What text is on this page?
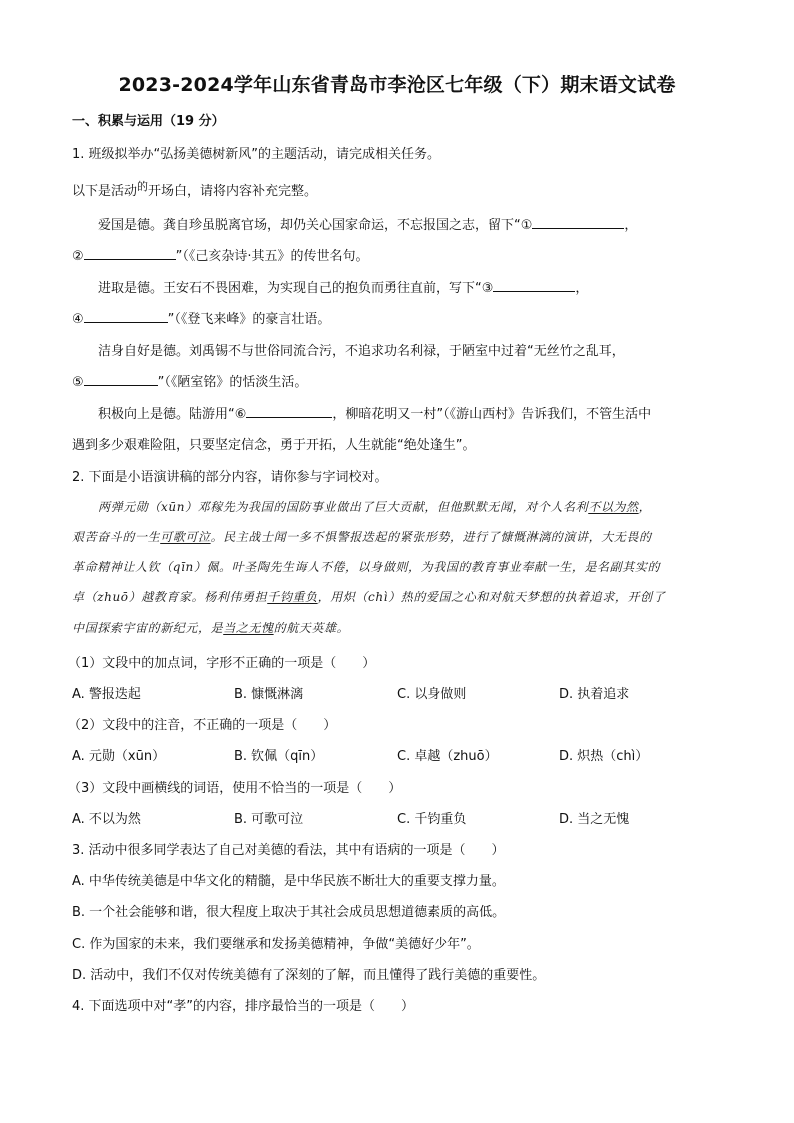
2023-2024学年山东省青岛市李沧区七年级（下）期末语文试卷
一、积累与运用（19 分）
1. 班级拟举办“弘扬美德树新风”的主题活动，请完成相关任务。
以下是活动$^的$开场白，请将内容补充完整。
爱国是德。龚自珍虽脱离官场，却仍关心国家命运，不忘报国之志，留下“①	，
②	”（《己亥杂诗·其五》的传世名句。
进取是德。王安石不畏困难，为实现自己的抱负而勇往直前，写下“③	，
④	”（《登飞来峰》的豪言壮语。
洁身自好是德。刘禹锡不与世俗同流合污，不追求功名利禄，于陋室中过着“无丝竹之乱耳，
⑤	”（《陋室铭》的恬淡生活。
积极向上是德。陆游用“⑥	，柳暗花明又一村”（《游山西村》告诉我们，不管生活中
遇到多少艰难险阻，只要坚定信念，勇于开拓，人生就能“绝处逢生”。
2. 下面是小语演讲稿的部分内容，请你参与字词校对。
两弹元勋（xūn）邓稼先为我国的国防事业做出了巨大贡献，但他默默无闻，对个人名利不以为然，
艰苦奋斗的一生可歌可泣。民主战士闻一多不惧警报迭起的紧张形势，进行了慷慨淋漓的演讲，大无畏的
革命精神让人钦（qīn）佩。叶圣陶先生诲人不倦，以身做则，为我国的教育事业奉献一生，是名副其实的
卓（zhuō）越教育家。杨利伟勇担千钧重负，用炽（chì）热的爱国之心和对航天梦想的执着追求，开创了
中国探索宇宙的新纪元，是当之无愧的航天英雄。
（1）文段中的加点词，字形不正确的一项是（　　）
A. 警报迭起	B. 慷慨淋漓	C. 以身做则	D. 执着追求
（2）文段中的注音，不正确的一项是（　　）
A. 元勋（xūn）	B. 钦佩（qīn）	C. 卓越（zhuō）	D. 炽热（chì）
（3）文段中画横线的词语，使用不恰当的一项是（　　）
A. 不以为然	B. 可歌可泣	C. 千钧重负	D. 当之无愧
3. 活动中很多同学表达了自己对美德的看法，其中有语病的一项是（　　）
A. 中华传统美德是中华文化的精髓，是中华民族不断壮大的重要支撑力量。
B. 一个社会能够和谐，很大程度上取决于其社会成员思想道德素质的高低。
C. 作为国家的未来，我们要继承和发扬美德精神，争做“美德好少年”。
D. 活动中，我们不仅对传统美德有了深刻的了解，而且懂得了践行美德的重要性。
4. 下面选项中对“孝”的内容，排序最恰当的一项是（　　）
